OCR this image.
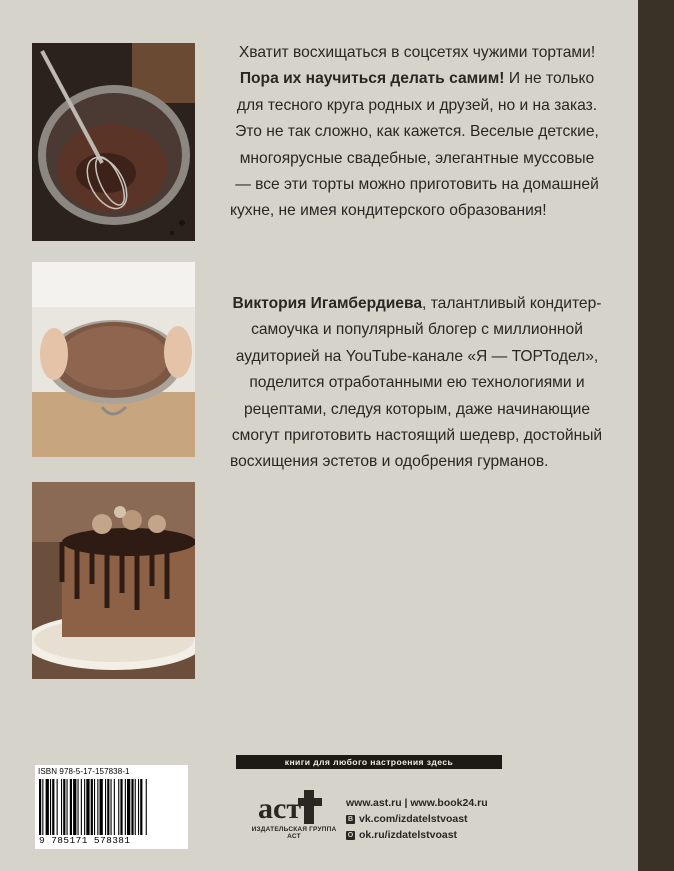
Хватит восхищаться в соцсетях чужими тортами! Пора их научиться делать самим! И не только для тесного круга родных и друзей, но и на заказ. Это не так сложно, как кажется. Веселые детские, многоярусные свадебные, элегантные муссовые — все эти торты можно приготовить на домашней кухне, не имея кондитерского образования!
Виктория Игамбердиева, талантливый кондитер-самоучка и популярный блогер с миллионной аудиторией на YouTube-канале «Я — ТОРТодел», поделится отработанными ею технологиями и рецептами, следуя которым, даже начинающие смогут приготовить настоящий шедевр, достойный восхищения эстетов и одобрения гурманов.
книги для любого настроения здесь
ISBN 978-5-17-157838-1
9 785171 578381
аст
ИЗДАТЕЛЬСКАЯ ГРУППА АСТ
www.ast.ru | www.book24.ru
В vk.com/izdatelstvoast
О ok.ru/izdatelstvoast
